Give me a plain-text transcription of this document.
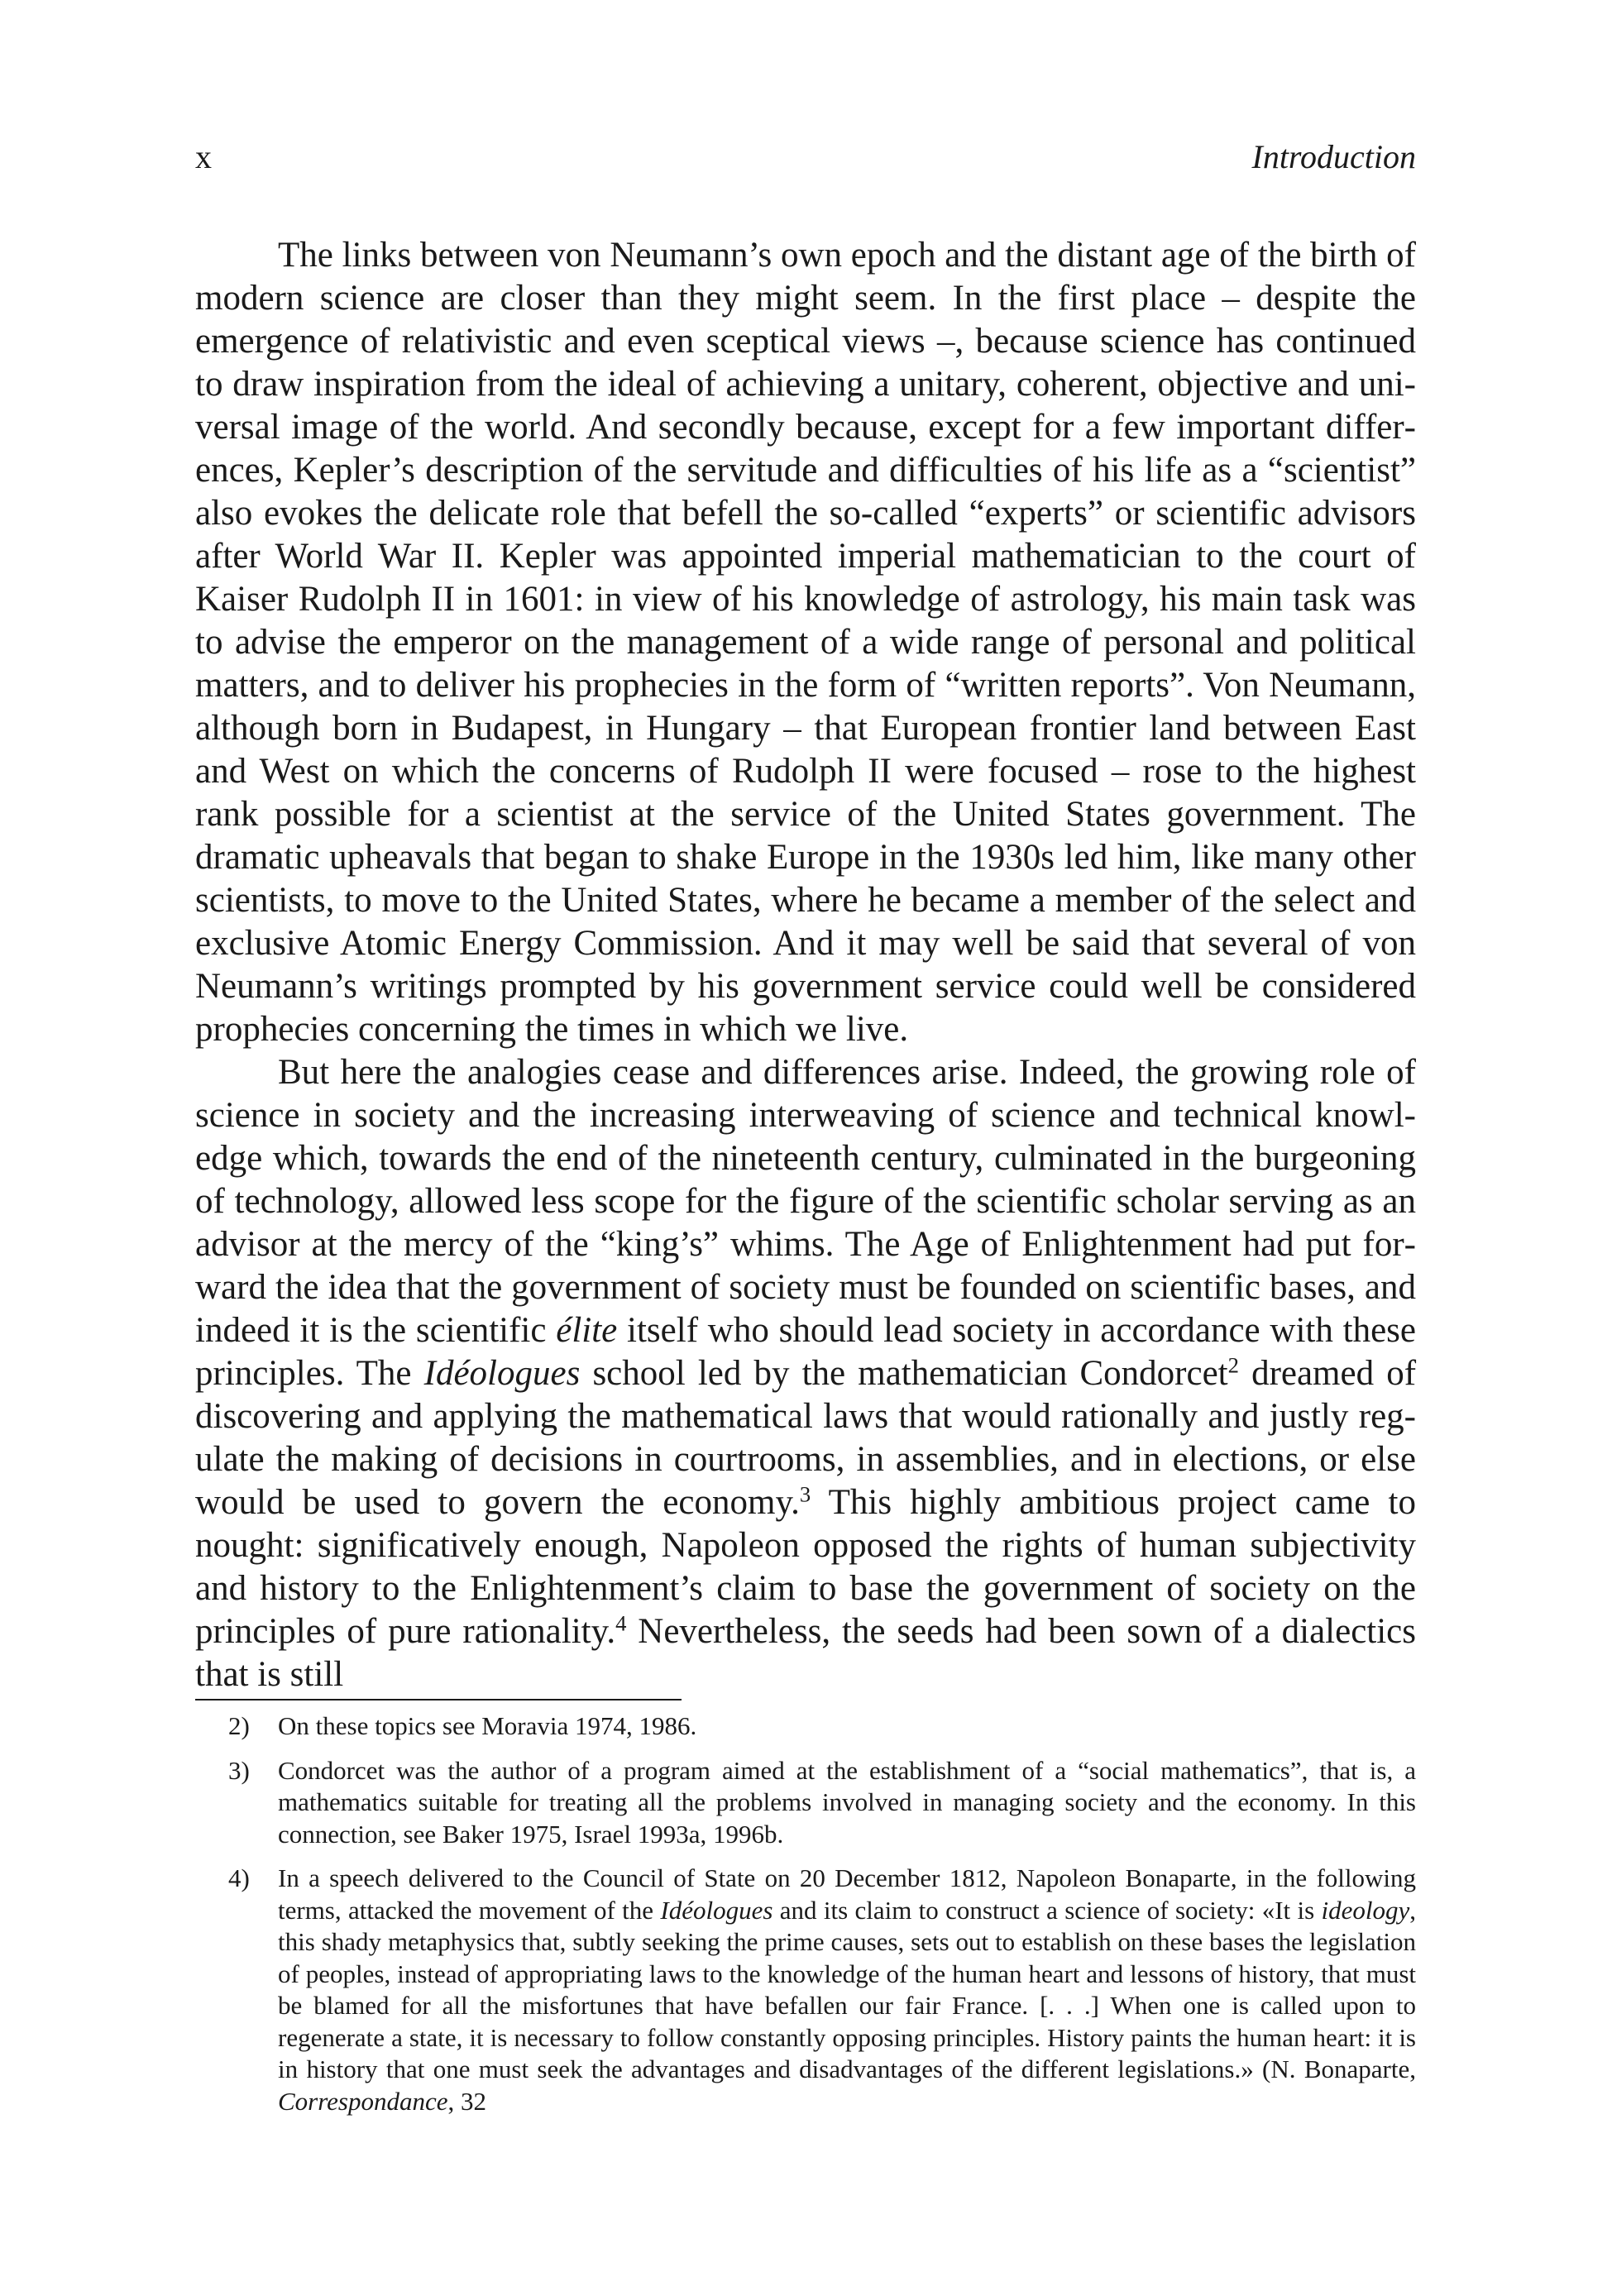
x	Introduction

The links between von Neumann’s own epoch and the distant age of the birth of modern science are closer than they might seem. In the first place – despite the emergence of relativistic and even sceptical views –, because science has continued to draw inspiration from the ideal of achieving a unitary, coherent, objective and universal image of the world. And secondly because, except for a few important differences, Kepler’s description of the servitude and difficulties of his life as a “scientist” also evokes the delicate role that befell the so-called “experts” or scientific advisors after World War II. Kepler was appointed imperial mathematician to the court of Kaiser Rudolph II in 1601: in view of his knowledge of astrology, his main task was to advise the emperor on the management of a wide range of personal and political matters, and to deliver his prophecies in the form of “written reports”. Von Neumann, although born in Budapest, in Hungary – that European frontier land between East and West on which the concerns of Rudolph II were focused – rose to the highest rank possible for a scientist at the service of the United States government. The dramatic upheavals that began to shake Europe in the 1930s led him, like many other scientists, to move to the United States, where he became a member of the select and exclusive Atomic Energy Commission. And it may well be said that several of von Neumann’s writings prompted by his government service could well be considered prophecies concerning the times in which we live.

But here the analogies cease and differences arise. Indeed, the growing role of science in society and the increasing interweaving of science and technical knowledge which, towards the end of the nineteenth century, culminated in the burgeoning of technology, allowed less scope for the figure of the scientific scholar serving as an advisor at the mercy of the “king’s” whims. The Age of Enlightenment had put forward the idea that the government of society must be founded on scientific bases, and indeed it is the scientific élite itself who should lead society in accordance with these principles. The Idéologues school led by the mathematician Condorcet$^2$ dreamed of discovering and applying the mathematical laws that would rationally and justly regulate the making of decisions in courtrooms, in assemblies, and in elections, or else would be used to govern the economy.$^3$ This highly ambitious project came to nought: significatively enough, Napoleon opposed the rights of human subjectivity and history to the Enlightenment’s claim to base the government of society on the principles of pure rationality.$^4$ Nevertheless, the seeds had been sown of a dialectics that is still

2) On these topics see Moravia 1974, 1986.
3) Condorcet was the author of a program aimed at the establishment of a “social mathematics”, that is, a mathematics suitable for treating all the problems involved in managing society and the economy. In this connection, see Baker 1975, Israel 1993a, 1996b.
4) In a speech delivered to the Council of State on 20 December 1812, Napoleon Bonaparte, in the following terms, attacked the movement of the Idéologues and its claim to construct a science of society: «It is ideology, this shady metaphysics that, subtly seeking the prime causes, sets out to establish on these bases the legislation of peoples, instead of appropriating laws to the knowledge of the human heart and lessons of history, that must be blamed for all the misfortunes that have befallen our fair France. [. . .] When one is called upon to regenerate a state, it is necessary to follow constantly opposing principles. History paints the human heart: it is in history that one must seek the advantages and disadvantages of the different legislations.» (N. Bonaparte, Correspondance, 32
